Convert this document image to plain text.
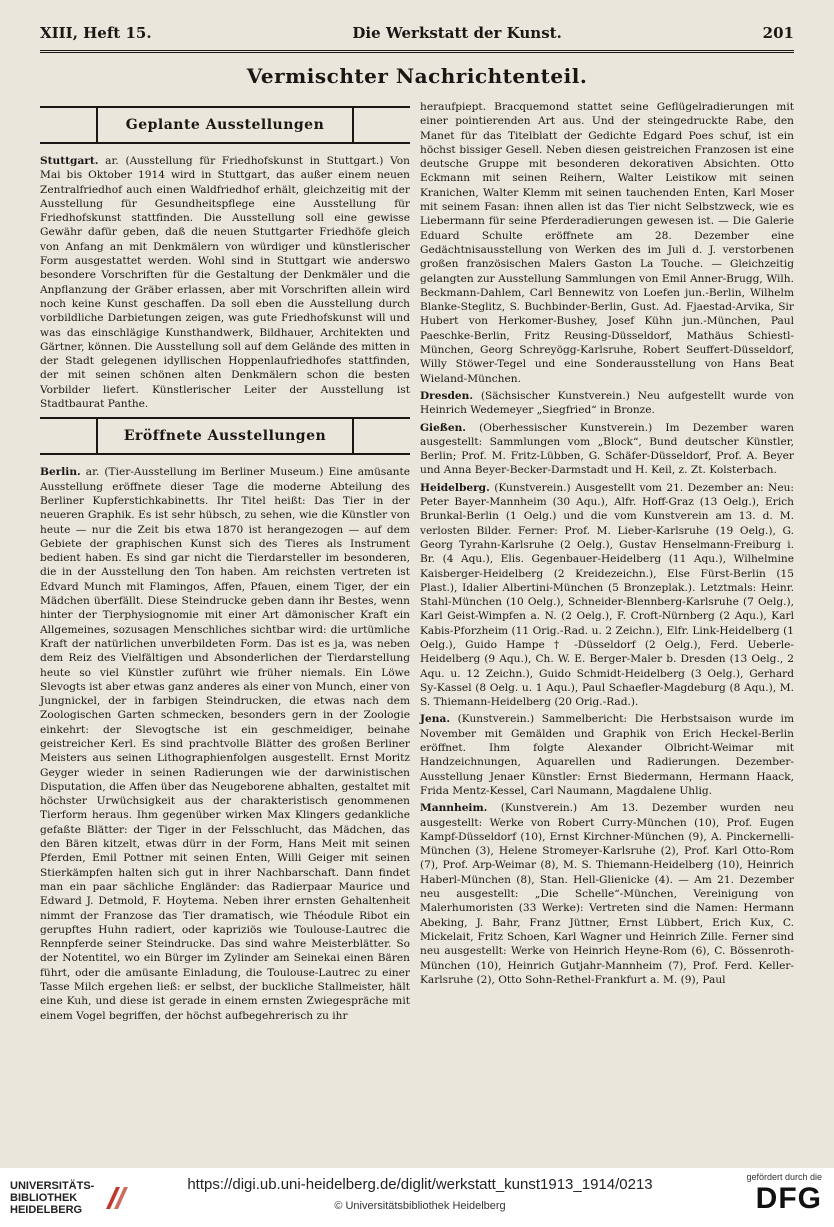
XIII, Heft 15.	Die Werkstatt der Kunst.	201
Vermischter Nachrichtenteil.
Geplante Ausstellungen

Stuttgart. ar. (Ausstellung für Friedhofskunst in Stuttgart.) Von Mai bis Oktober 1914 wird in Stuttgart, das außer einem neuen Zentralfriedhof auch einen Waldfriedhof erhält, gleichzeitig mit der Ausstellung für Gesundheitspflege eine Ausstellung für Friedhofskunst stattfinden. Die Ausstellung soll eine gewisse Gewähr dafür geben, daß die neuen Stuttgarter Friedhöfe gleich von Anfang an mit Denkmälern von würdiger und künstlerischer Form ausgestattet werden. Wohl sind in Stuttgart wie anderswo besondere Vorschriften für die Gestaltung der Denkmäler und die Anpflanzung der Gräber erlassen, aber mit Vorschriften allein wird noch keine Kunst geschaffen. Da soll eben die Ausstellung durch vorbildliche Darbietungen zeigen, was gute Friedhofskunst will und was das einschlägige Kunsthandwerk, Bildhauer, Architekten und Gärtner, können. Die Ausstellung soll auf dem Gelände des mitten in der Stadt gelegenen idyllischen Hoppenlaufriedhofes stattfinden, der mit seinen schönen alten Denkmälern schon die besten Vorbilder liefert. Künstlerischer Leiter der Ausstellung ist Stadtbaurat Panthe.

Eröffnete Ausstellungen

Berlin. ar. (Tier-Ausstellung im Berliner Museum.) Eine amüsante Ausstellung eröffnete dieser Tage die moderne Abteilung des Berliner Kupferstichkabinetts. Ihr Titel heißt: Das Tier in der neueren Graphik. Es ist sehr hübsch, zu sehen, wie die Künstler von heute — nur die Zeit bis etwa 1870 ist herangezogen — auf dem Gebiete der graphischen Kunst sich des Tieres als Instrument bedient haben. Es sind gar nicht die Tierdarsteller im besonderen, die in der Ausstellung den Ton haben. Am reichsten vertreten ist Edvard Munch mit Flamingos, Affen, Pfauen, einem Tiger, der ein Mädchen überfällt. Diese Steindrucke geben dann ihr Bestes, wenn hinter der Tierphysiognomie mit einer Art dämonischer Kraft ein Allgemeines, sozusagen Menschliches sichtbar wird: die urtümliche Kraft der natürlichen unverbildeten Form. Das ist es ja, was neben dem Reiz des Vielfältigen und Absonderlichen der Tierdarstellung heute so viel Künstler zuführt wie früher niemals. Ein Löwe Slevogts ist aber etwas ganz anderes als einer von Munch, einer von Jungnickel, der in farbigen Steindrucken, die etwas nach dem Zoologischen Garten schmecken, besonders gern in der Zoologie einkehrt: der Slevogtsche ist ein geschmeidiger, beinahe geistreicher Kerl. Es sind prachtvolle Blätter des großen Berliner Meisters aus seinen Lithographienfolgen ausgestellt. Ernst Moritz Geyger wieder in seinen Radierungen wie der darwinistischen Disputation, die Affen über das Neugeborene abhalten, gestaltet mit höchster Urwüchsigkeit aus der charakteristisch genommenen Tierform heraus. Ihm gegenüber wirken Max Klingers gedankliche gefaßte Blätter: der Tiger in der Felsschlucht, das Mädchen, das den Bären kitzelt, etwas dürr in der Form, Hans Meit mit seinen Pferden, Emil Pottner mit seinen Enten, Willi Geiger mit seinen Stierkämpfen halten sich gut in ihrer Nachbarschaft. Dann findet man ein paar sächliche Engländer: das Radierpaar Maurice und Edward J. Detmold, F. Hoytema. Neben ihrer ernsten Gehaltenheit nimmt der Franzose das Tier dramatisch, wie Théodule Ribot ein gerupftes Huhn radiert, oder kapriziös wie Toulouse-Lautrec die Rennpferde seiner Steindrucke. Das sind wahre Meisterblätter. So der Notentitel, wo ein Bürger im Zylinder am Seinekai einen Bären führt, oder die amüsante Einladung, die Toulouse-Lautrec zu einer Tasse Milch ergehen ließ: er selbst, der buckliche Stallmeister, hält eine Kuh, und diese ist gerade in einem ernsten Zwiegespräche mit einem Vogel begriffen, der höchst aufbegehrerisch zu ihr

heraufpiept. Bracquemond stattet seine Geflügelradierungen mit einer pointierenden Art aus. Und der steingedruckte Rabe, den Manet für das Titelblatt der Gedichte Edgard Poes schuf, ist ein höchst bissiger Gesell. Neben diesen geistreichen Franzosen ist eine deutsche Gruppe mit besonderen dekorativen Absichten. Otto Eckmann mit seinen Reihern, Walter Leistikow mit seinen Kranichen, Walter Klemm mit seinen tauchenden Enten, Karl Moser mit seinem Fasan: ihnen allen ist das Tier nicht Selbstzweck, wie es Liebermann für seine Pferderadierungen gewesen ist. — Die Galerie Eduard Schulte eröffnete am 28. Dezember eine Gedächtnisausstellung von Werken des im Juli d. J. verstorbenen großen französischen Malers Gaston La Touche. — Gleichzeitig gelangten zur Ausstellung Sammlungen von Emil Anner-Brugg, Wilh. Beckmann-Dahlem, Carl Bennewitz von Loefen jun.-Berlin, Wilhelm Blanke-Steglitz, S. Buchbinder-Berlin, Gust. Ad. Fjaestad-Arvika, Sir Hubert von Herkomer-Bushey, Josef Kühn jun.-München, Paul Paeschke-Berlin, Fritz Reusing-Düsseldorf, Mathäus Schiestl-München, Georg Schreyögg-Karlsruhe, Robert Seuffert-Düsseldorf, Willy Stöwer-Tegel und eine Sonderausstellung von Hans Beat Wieland-München.

Dresden. (Sächsischer Kunstverein.) Neu aufgestellt wurde von Heinrich Wedemeyer „Siegfried“ in Bronze.

Gießen. (Oberhessischer Kunstverein.) Im Dezember waren ausgestellt: Sammlungen vom „Block“, Bund deutscher Künstler, Berlin; Prof. M. Fritz-Lübben, G. Schäfer-Düsseldorf, Prof. A. Beyer und Anna Beyer-Becker-Darmstadt und H. Keil, z. Zt. Kolsterbach.

Heidelberg. (Kunstverein.) Ausgestellt vom 21. Dezember an: Neu: Peter Bayer-Mannheim (30 Aqu.), Alfr. Hoff-Graz (13 Oelg.), Erich Brunkal-Berlin (1 Oelg.) und die vom Kunstverein am 13. d. M. verlosten Bilder. Ferner: Prof. M. Lieber-Karlsruhe (19 Oelg.), G. Georg Tyrahn-Karlsruhe (2 Oelg.), Gustav Henselmann-Freiburg i. Br. (4 Aqu.), Elis. Gegenbauer-Heidelberg (11 Aqu.), Wilhelmine Kaisberger-Heidelberg (2 Kreidezeichn.), Else Fürst-Berlin (15 Plast.), Idalier Albertini-München (5 Bronzeplak.). Letztmals: Heinr. Stahl-München (10 Oelg.), Schneider-Blennberg-Karlsruhe (7 Oelg.), Karl Geist-Wimpfen a. N. (2 Oelg.), F. Croft-Nürnberg (2 Aqu.), Karl Kabis-Pforzheim (11 Orig.-Rad. u. 2 Zeichn.), Elfr. Link-Heidelberg (1 Oelg.), Guido Hampe † -Düsseldorf (2 Oelg.), Ferd. Ueberle-Heidelberg (9 Aqu.), Ch. W. E. Berger-Maler b. Dresden (13 Oelg., 2 Aqu. u. 12 Zeichn.), Guido Schmidt-Heidelberg (3 Oelg.), Gerhard Sy-Kassel (8 Oelg. u. 1 Aqu.), Paul Schaefler-Magdeburg (8 Aqu.), M. S. Thiemann-Heidelberg (20 Orig.-Rad.).

Jena. (Kunstverein.) Sammelbericht: Die Herbstsaison wurde im November mit Gemälden und Graphik von Erich Heckel-Berlin eröffnet. Ihm folgte Alexander Olbricht-Weimar mit Handzeichnungen, Aquarellen und Radierungen. Dezember-Ausstellung Jenaer Künstler: Ernst Biedermann, Hermann Haack, Frida Mentz-Kessel, Carl Naumann, Magdalene Uhlig.

Mannheim. (Kunstverein.) Am 13. Dezember wurden neu ausgestellt: Werke von Robert Curry-München (10), Prof. Eugen Kampf-Düsseldorf (10), Ernst Kirchner-München (9), A. Pinckernelli-München (3), Helene Stromeyer-Karlsruhe (2), Prof. Karl Otto-Rom (7), Prof. Arp-Weimar (8), M. S. Thiemann-Heidelberg (10), Heinrich Haberl-München (8), Stan. Hell-Glienicke (4). — Am 21. Dezember neu ausgestellt: „Die Schelle“-München, Vereinigung von Malerhumoristen (33 Werke): Vertreten sind die Namen: Hermann Abeking, J. Bahr, Franz Jüttner, Ernst Lübbert, Erich Kux, C. Mickelait, Fritz Schoen, Karl Wagner und Heinrich Zille. Ferner sind neu ausgestellt: Werke von Heinrich Heyne-Rom (6), C. Bössenroth-München (10), Heinrich Gutjahr-Mannheim (7), Prof. Ferd. Keller-Karlsruhe (2), Otto Sohn-Rethel-Frankfurt a. M. (9), Paul

UNIVERSITÄTS-
BIBLIOTHEK
HEIDELBERG
https://digi.ub.uni-heidelberg.de/diglit/werkstatt_kunst1913_1914/0213
© Universitätsbibliothek Heidelberg
gefördert durch die
DFG
